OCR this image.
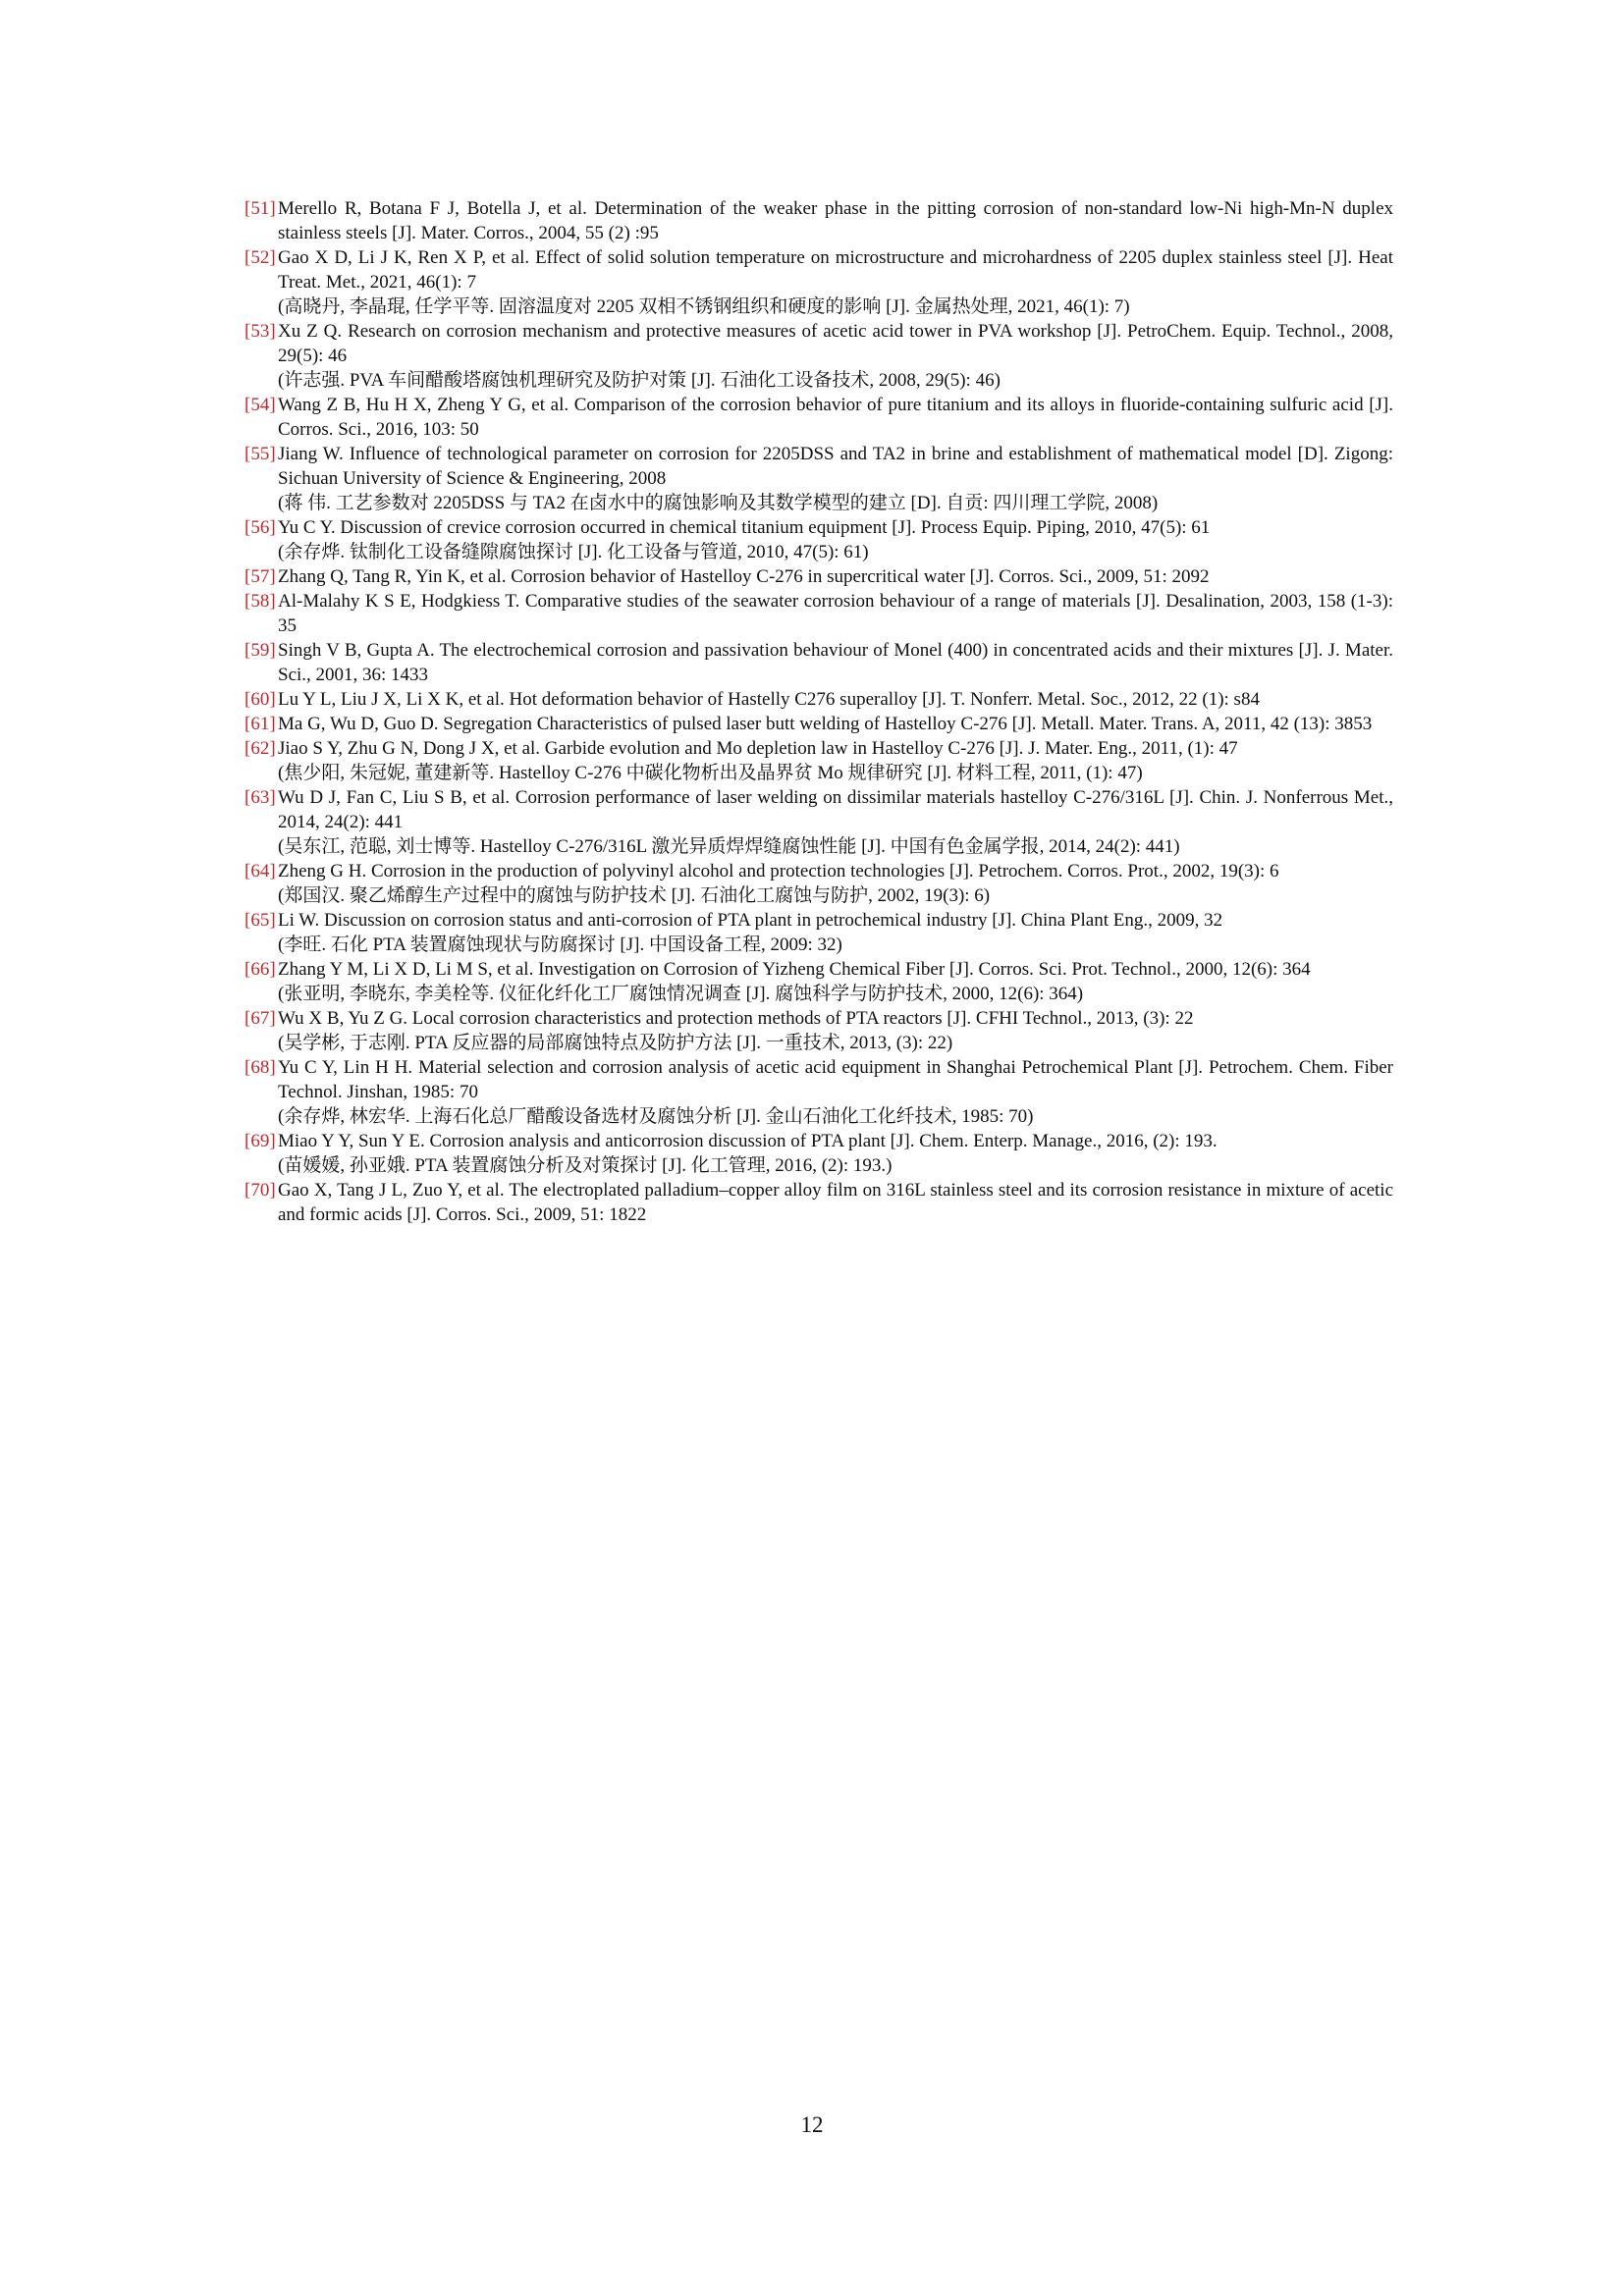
[51] Merello R, Botana F J, Botella J, et al. Determination of the weaker phase in the pitting corrosion of non-standard low-Ni high-Mn-N duplex stainless steels [J]. Mater. Corros., 2004, 55 (2) :95
[52] Gao X D, Li J K, Ren X P, et al. Effect of solid solution temperature on microstructure and microhardness of 2205 duplex stainless steel [J]. Heat Treat. Met., 2021, 46(1): 7
(高晓丹, 李晶琨, 任学平等. 固溶温度对 2205 双相不锈钢组织和硬度的影响 [J]. 金属热处理, 2021, 46(1): 7)
[53] Xu Z Q. Research on corrosion mechanism and protective measures of acetic acid tower in PVA workshop [J]. PetroChem. Equip. Technol., 2008, 29(5): 46
(许志强. PVA 车间醋酸塔腐蚀机理研究及防护对策 [J]. 石油化工设备技术, 2008, 29(5): 46)
[54] Wang Z B, Hu H X, Zheng Y G, et al. Comparison of the corrosion behavior of pure titanium and its alloys in fluoride-containing sulfuric acid [J]. Corros. Sci., 2016, 103: 50
[55] Jiang W. Influence of technological parameter on corrosion for 2205DSS and TA2 in brine and establishment of mathematical model [D]. Zigong: Sichuan University of Science & Engineering, 2008
(蒋 伟. 工艺参数对 2205DSS 与 TA2 在卤水中的腐蚀影响及其数学模型的建立 [D]. 自贡: 四川理工学院, 2008)
[56] Yu C Y. Discussion of crevice corrosion occurred in chemical titanium equipment [J]. Process Equip. Piping, 2010, 47(5): 61
(余存烨. 钛制化工设备缝隙腐蚀探讨 [J]. 化工设备与管道, 2010, 47(5): 61)
[57] Zhang Q, Tang R, Yin K, et al. Corrosion behavior of Hastelloy C-276 in supercritical water [J]. Corros. Sci., 2009, 51: 2092
[58] Al-Malahy K S E, Hodgkiess T. Comparative studies of the seawater corrosion behaviour of a range of materials [J]. Desalination, 2003, 158 (1-3): 35
[59] Singh V B, Gupta A. The electrochemical corrosion and passivation behaviour of Monel (400) in concentrated acids and their mixtures [J]. J. Mater. Sci., 2001, 36: 1433
[60] Lu Y L, Liu J X, Li X K, et al. Hot deformation behavior of Hastelly C276 superalloy [J]. T. Nonferr. Metal. Soc., 2012, 22 (1): s84
[61] Ma G, Wu D, Guo D. Segregation Characteristics of pulsed laser butt welding of Hastelloy C-276 [J]. Metall. Mater. Trans. A, 2011, 42 (13): 3853
[62] Jiao S Y, Zhu G N, Dong J X, et al. Garbide evolution and Mo depletion law in Hastelloy C-276 [J]. J. Mater. Eng., 2011, (1): 47
(焦少阳, 朱冠妮, 董建新等. Hastelloy C-276 中碳化物析出及晶界贫 Mo 规律研究 [J]. 材料工程, 2011, (1): 47)
[63] Wu D J, Fan C, Liu S B, et al. Corrosion performance of laser welding on dissimilar materials hastelloy C-276/316L [J]. Chin. J. Nonferrous Met., 2014, 24(2): 441
(吴东江, 范聪, 刘士博等. Hastelloy C-276/316L 激光异质焊焊缝腐蚀性能 [J]. 中国有色金属学报, 2014, 24(2): 441)
[64] Zheng G H. Corrosion in the production of polyvinyl alcohol and protection technologies [J]. Petrochem. Corros. Prot., 2002, 19(3): 6
(郑国汉. 聚乙烯醇生产过程中的腐蚀与防护技术 [J]. 石油化工腐蚀与防护, 2002, 19(3): 6)
[65] Li W. Discussion on corrosion status and anti-corrosion of PTA plant in petrochemical industry [J]. China Plant Eng., 2009, 32
(李旺. 石化 PTA 装置腐蚀现状与防腐探讨 [J]. 中国设备工程, 2009: 32)
[66] Zhang Y M, Li X D, Li M S, et al. Investigation on Corrosion of Yizheng Chemical Fiber [J]. Corros. Sci. Prot. Technol., 2000, 12(6): 364
(张亚明, 李晓东, 李美栓等. 仪征化纤化工厂腐蚀情况调查 [J]. 腐蚀科学与防护技术, 2000, 12(6): 364)
[67] Wu X B, Yu Z G. Local corrosion characteristics and protection methods of PTA reactors [J]. CFHI Technol., 2013, (3): 22
(吴学彬, 于志刚. PTA 反应器的局部腐蚀特点及防护方法 [J]. 一重技术, 2013, (3): 22)
[68] Yu C Y, Lin H H. Material selection and corrosion analysis of acetic acid equipment in Shanghai Petrochemical Plant [J]. Petrochem. Chem. Fiber Technol. Jinshan, 1985: 70
(余存烨, 林宏华. 上海石化总厂醋酸设备选材及腐蚀分析 [J]. 金山石油化工化纤技术, 1985: 70)
[69] Miao Y Y, Sun Y E. Corrosion analysis and anticorrosion discussion of PTA plant [J]. Chem. Enterp. Manage., 2016, (2): 193.
(苗媛媛, 孙亚娥. PTA 装置腐蚀分析及对策探讨 [J]. 化工管理, 2016, (2): 193.)
[70] Gao X, Tang J L, Zuo Y, et al. The electroplated palladium–copper alloy film on 316L stainless steel and its corrosion resistance in mixture of acetic and formic acids [J]. Corros. Sci., 2009, 51: 1822
12
